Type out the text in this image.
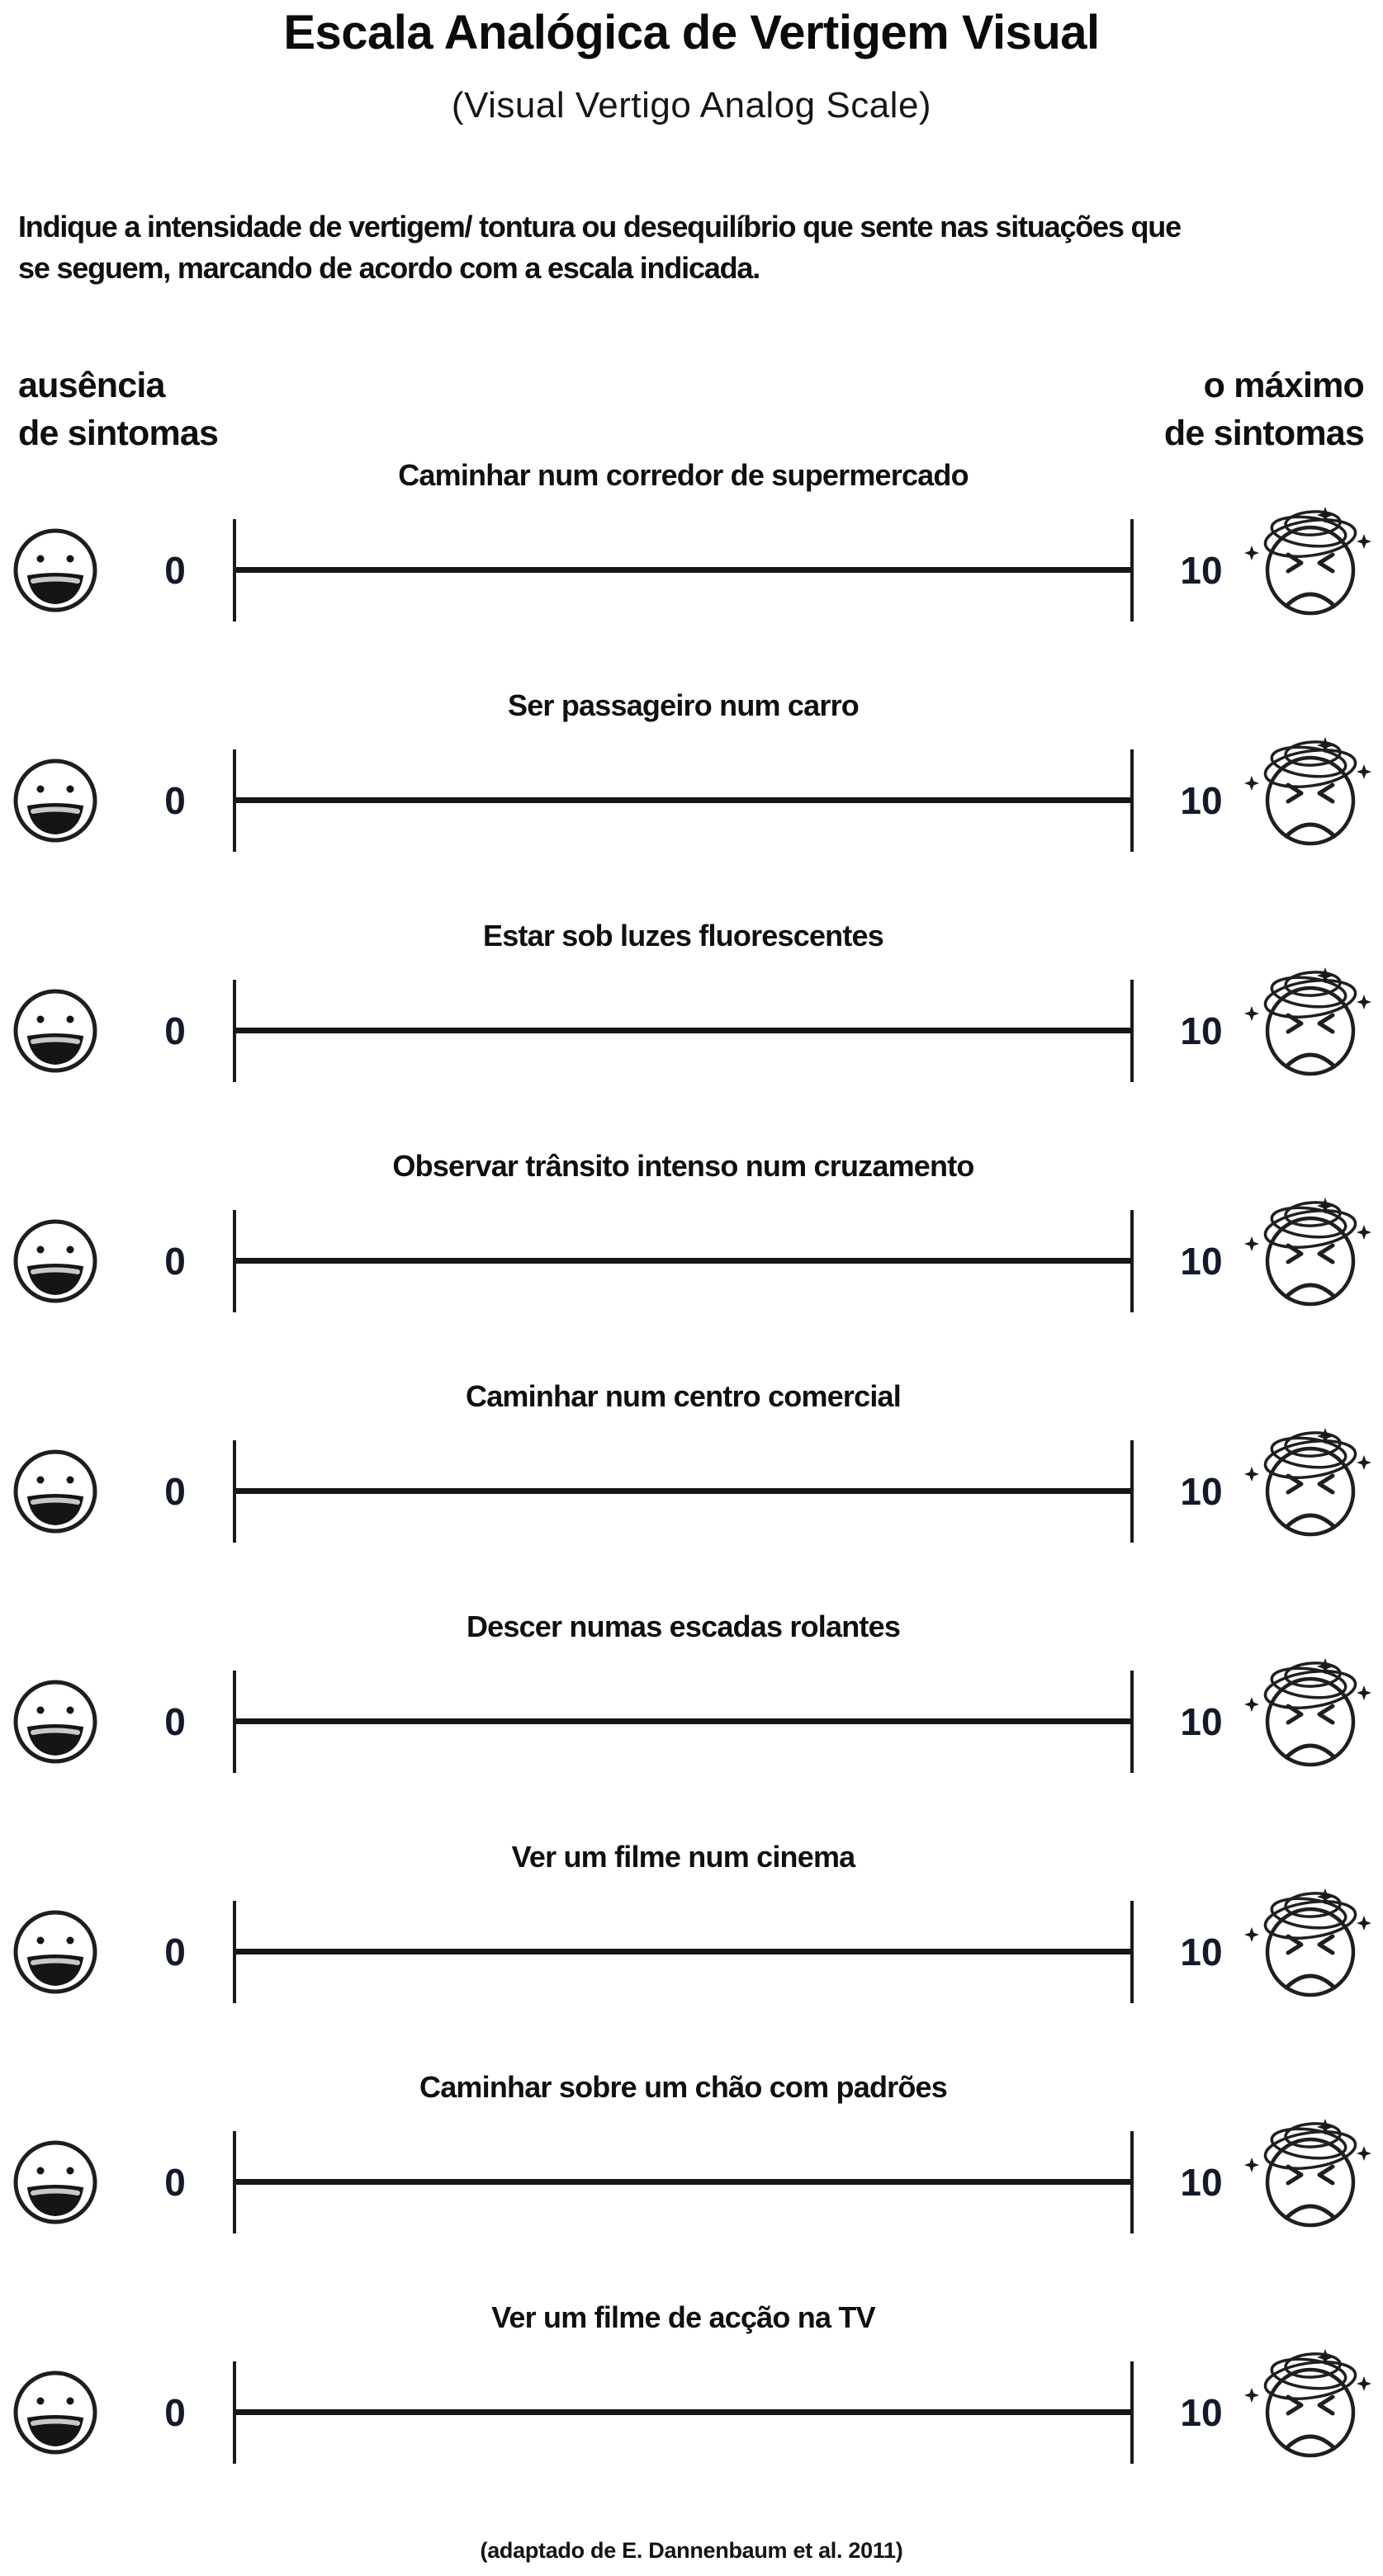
Escala Analógica de Vertigem Visual
(Visual Vertigo Analog Scale)
Indique a intensidade de vertigem/ tontura ou desequilíbrio que sente nas situações que
se seguem, marcando de acordo com a escala indicada.
ausência
de sintomas
o máximo
de sintomas
Caminhar num corredor de supermercado
0	10
Ser passageiro num carro
0	10
Estar sob luzes fluorescentes
0	10
Observar trânsito intenso num cruzamento
0	10
Caminhar num centro comercial
0	10
Descer numas escadas rolantes
0	10
Ver um filme num cinema
0	10
Caminhar sobre um chão com padrões
0	10
Ver um filme de acção na TV
0	10
(adaptado de E. Dannenbaum et al. 2011)
